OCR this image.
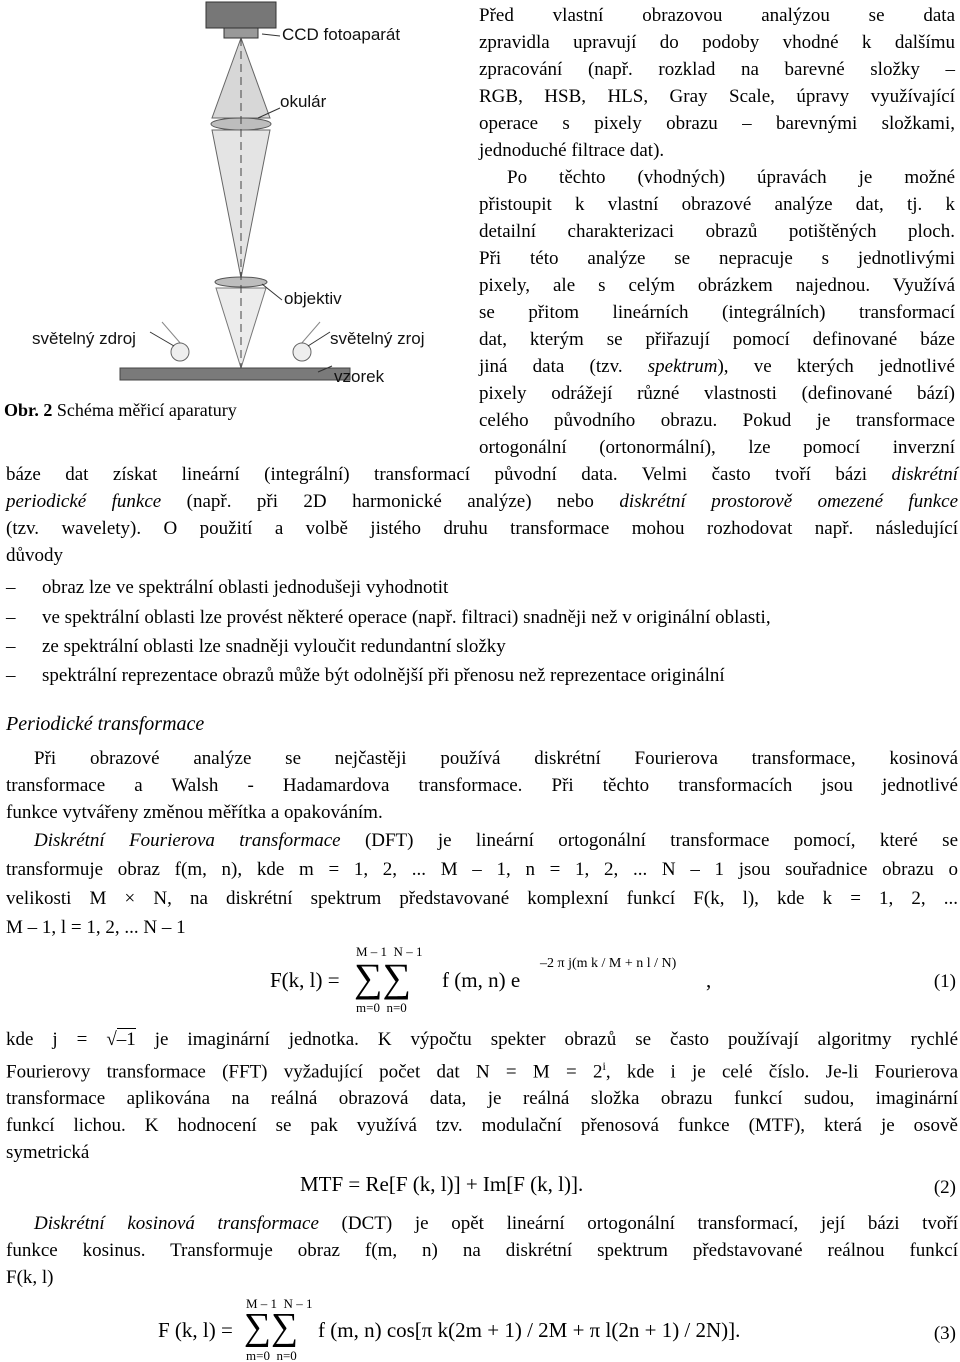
CCD fotoaparát
okulár
objektiv
světelný zdroj	světelný zroj
vzorek
Obr. 2 Schéma měřicí aparatury
Před vlastní obrazovou analýzou se data
zpravidla upravují do podoby vhodné k dalšímu
zpracování (např. rozklad na barevné složky –
RGB, HSB, HLS, Gray Scale, úpravy využívající
operace s pixely obrazu – barevnými složkami,
jednoduché filtrace dat).
Po těchto (vhodných) úpravách je možné
přistoupit k vlastní obrazové analýze dat, tj. k
detailní charakterizaci obrazů potištěných ploch.
Při této analýze se nepracuje s jednotlivými
pixely, ale s celým obrázkem najednou. Využívá
se přitom lineárních (integrálních) transformací
dat, kterým se přiřazují pomocí definované báze
jiná data (tzv. spektrum), ve kterých jednotlivé
pixely odrážejí různé vlastnosti (definované bází)
celého původního obrazu. Pokud je transformace
ortogonální (ortonormální), lze pomocí inverzní
báze dat získat lineární (integrální) transformací původní data. Velmi často tvoří bázi diskrétní
periodické funkce (např. při 2D harmonické analýze) nebo diskrétní prostorově omezené funkce
(tzv. wavelety). O použití a volbě jistého druhu transformace mohou rozhodovat např. následující
důvody
– obraz lze ve spektrální oblasti jednodušeji vyhodnotit
– ve spektrální oblasti lze provést některé operace (např. filtraci) snadněji než v originální oblasti,
– ze spektrální oblasti lze snadněji vyloučit redundantní složky
– spektrální reprezentace obrazů může být odolnější při přenosu než reprezentace originální
Periodické transformace
Při obrazové analýze se nejčastěji používá diskrétní Fourierova transformace, kosinová
transformace a Walsh - Hadamardova transformace. Při těchto transformacích jsou jednotlivé
funkce vytvářeny změnou měřítka a opakováním.
Diskrétní Fourierova transformace (DFT) je lineární ortogonální transformace pomocí, které se
transformuje obraz f(m, n), kde m = 1, 2, ... M – 1, n = 1, 2, ... N – 1 jsou souřadnice obrazu o
velikosti M × N, na diskrétní spektrum představované komplexní funkcí F(k, l), kde k = 1, 2, ...
M – 1, l = 1, 2, ... N – 1
F(k, l) =
M – 1  N – 1
∑∑
m=0  n=0
f (m, n) e
–2 π j(m k / M + n l / N)
,	(1)
kde j = √–1 je imaginární jednotka. K výpočtu spekter obrazů se často používají algoritmy rychlé
Fourierovy transformace (FFT) vyžadující počet dat $N = M = 2^i$, kde i je celé číslo. Je-li Fourierova
transformace aplikována na reálná obrazová data, je reálná složka obrazu funkcí sudou, imaginární
funkcí lichou. K hodnocení se pak využívá tzv. modulační přenosová funkce (MTF), která je osově
symetrická
MTF = Re[F (k, l)] + Im[F (k, l)].	(2)
Diskrétní kosinová transformace (DCT) je opět lineární ortogonální transformací, její bázi tvoří
funkce kosinus. Transformuje obraz f(m, n) na diskrétní spektrum představované reálnou funkcí
F(k, l)
F (k, l) =
M – 1  N – 1
∑∑
m=0  n=0
f (m, n) cos[π k(2m + 1) / 2M + π l(2n + 1) / 2N)].	(3)
